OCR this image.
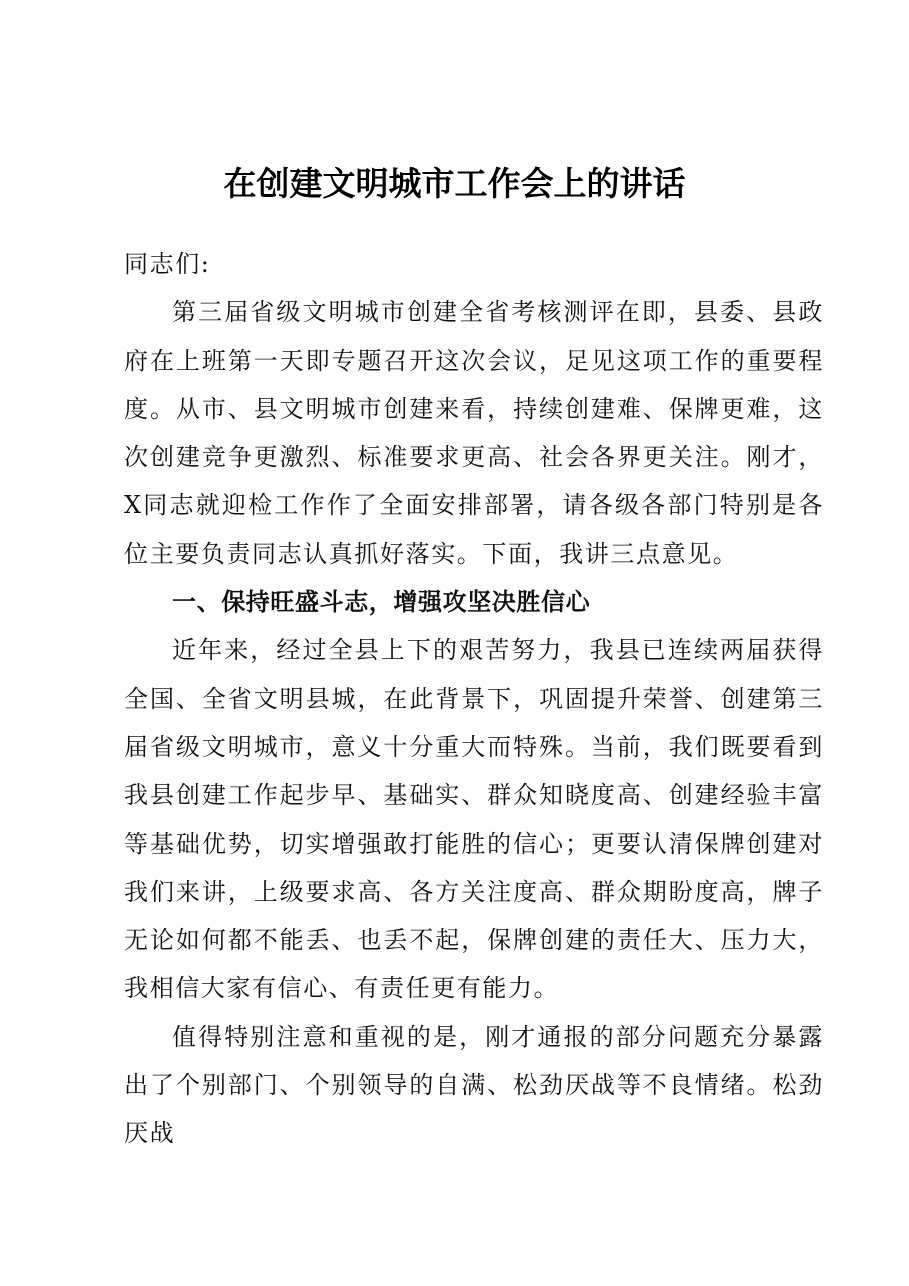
在创建文明城市工作会上的讲话

同志们:

第三届省级文明城市创建全省考核测评在即，县委、县政府在上班第一天即专题召开这次会议，足见这项工作的重要程度。从市、县文明城市创建来看，持续创建难、保牌更难，这次创建竞争更激烈、标准要求更高、社会各界更关注。刚才，X同志就迎检工作作了全面安排部署，请各级各部门特别是各位主要负责同志认真抓好落实。下面，我讲三点意见。

一、保持旺盛斗志，增强攻坚决胜信心

近年来，经过全县上下的艰苦努力，我县已连续两届获得全国、全省文明县城，在此背景下，巩固提升荣誉、创建第三届省级文明城市，意义十分重大而特殊。当前，我们既要看到我县创建工作起步早、基础实、群众知晓度高、创建经验丰富等基础优势，切实增强敢打能胜的信心；更要认清保牌创建对我们来讲，上级要求高、各方关注度高、群众期盼度高，牌子无论如何都不能丢、也丢不起，保牌创建的责任大、压力大，我相信大家有信心、有责任更有能力。

值得特别注意和重视的是，刚才通报的部分问题充分暴露出了个别部门、个别领导的自满、松劲厌战等不良情绪。松劲厌战
